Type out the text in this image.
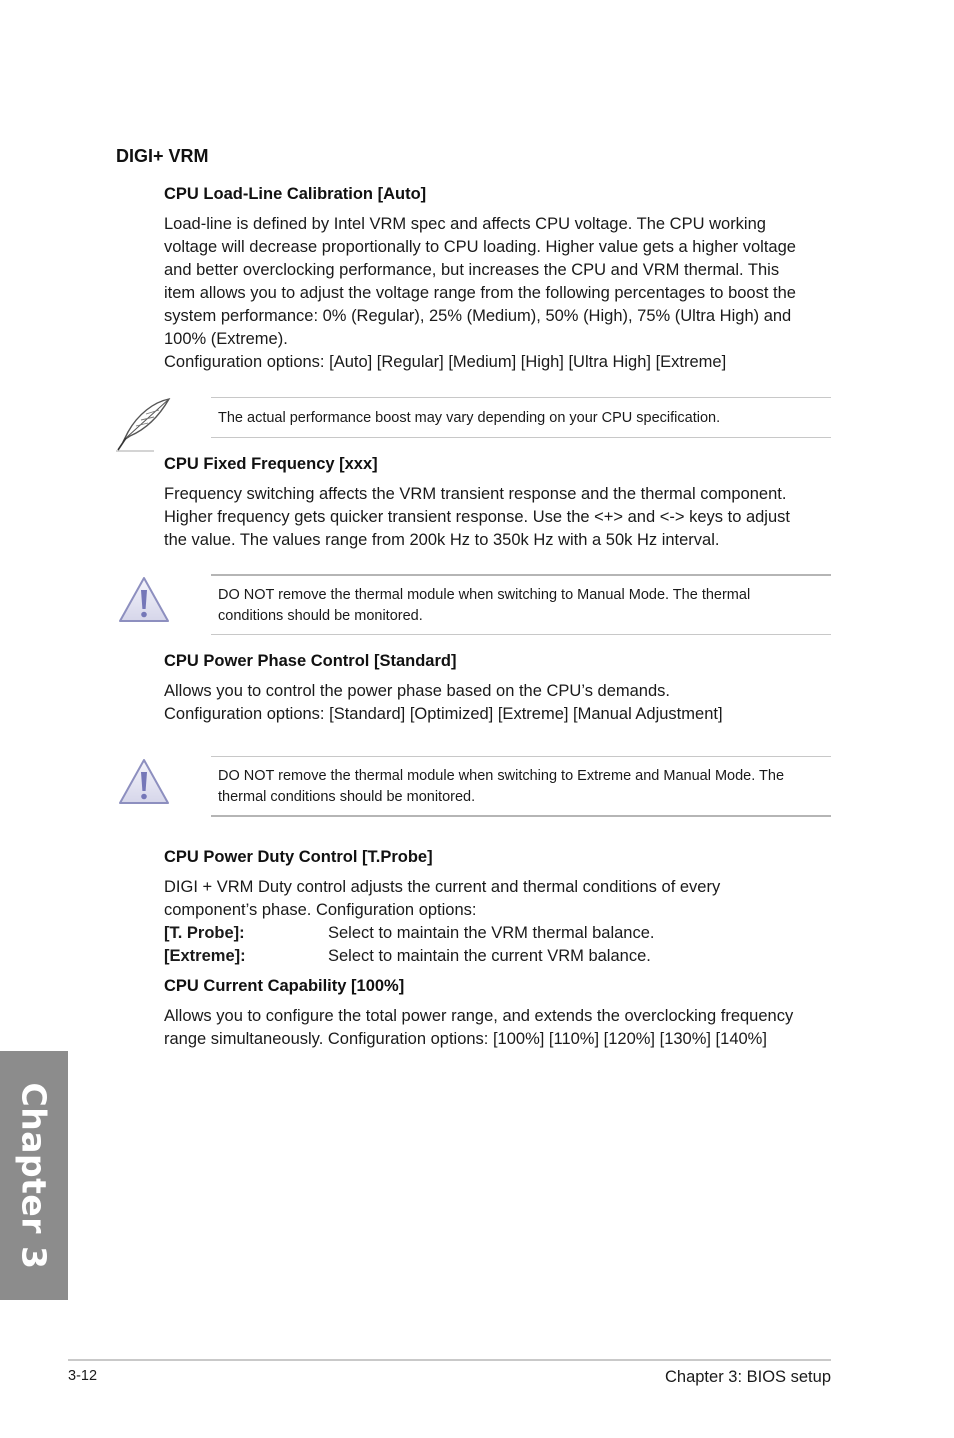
DIGI+ VRM
CPU Load-Line Calibration [Auto]
Load-line is defined by Intel VRM spec and affects CPU voltage. The CPU working
voltage will decrease proportionally to CPU loading. Higher value gets a higher voltage
and better overclocking performance, but increases the CPU and VRM thermal. This
item allows you to adjust the voltage range from the following percentages to boost the
system performance: 0% (Regular), 25% (Medium), 50% (High), 75% (Ultra High) and
100% (Extreme).
Configuration options: [Auto] [Regular] [Medium] [High] [Ultra High] [Extreme]
The actual performance boost may vary depending on your CPU specification.
CPU Fixed Frequency [xxx]
Frequency switching affects the VRM transient response and the thermal component.
Higher frequency gets quicker transient response. Use the <+> and <-> keys to adjust
the value. The values range from 200k Hz to 350k Hz with a 50k Hz interval.
DO NOT remove the thermal module when switching to Manual Mode. The thermal
conditions should be monitored.
CPU Power Phase Control [Standard]
Allows you to control the power phase based on the CPU’s demands.
Configuration options: [Standard] [Optimized] [Extreme] [Manual Adjustment]
DO NOT remove the thermal module when switching to Extreme and Manual Mode. The
thermal conditions should be monitored.
CPU Power Duty Control [T.Probe]
DIGI + VRM Duty control adjusts the current and thermal conditions of every
component’s phase. Configuration options:
[T. Probe]:	Select to maintain the VRM thermal balance.
[Extreme]:	Select to maintain the current VRM balance.
CPU Current Capability [100%]
Allows you to configure the total power range, and extends the overclocking frequency
range simultaneously. Configuration options: [100%] [110%] [120%] [130%] [140%]
Chapter 3
3-12	Chapter 3: BIOS setup
